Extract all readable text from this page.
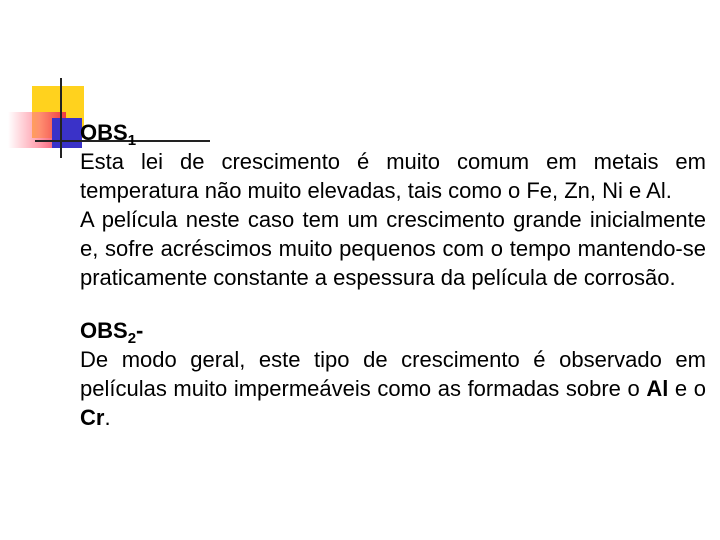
$OBS_1$

Esta lei de crescimento é muito comum em metais em temperatura não muito elevadas, tais como o Fe, Zn, Ni e Al.

A película neste caso tem um crescimento grande inicialmente e, sofre acréscimos muito pequenos com o tempo mantendo-se praticamente constante a espessura da película de corrosão.

$OBS_2-$

De modo geral, este tipo de crescimento é observado em películas muito impermeáveis como as formadas sobre o Al e o Cr.
